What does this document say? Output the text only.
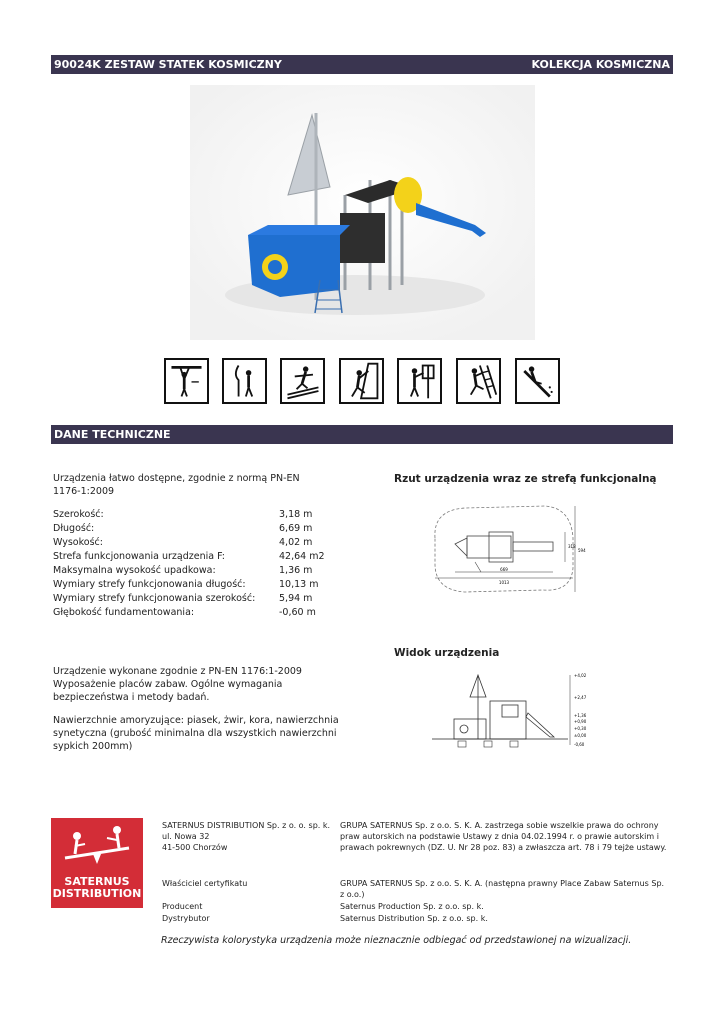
90024K ZESTAW STATEK KOSMICZNY	KOLEKCJA KOSMICZNA
DANE TECHNICZNE
Urządzenia łatwo dostępne, zgodnie z normą PN-EN 1176-1:2009
Szerokość:	3,18 m
Długość:	6,69 m
Wysokość:	4,02 m
Strefa funkcjonowania urządzenia F:	42,64 m2
Maksymalna wysokość upadkowa:	1,36 m
Wymiary strefy funkcjonowania długość:	10,13 m
Wymiary strefy funkcjonowania szerokość: 5,94 m
Głębokość fundamentowania:	-0,60 m
Rzut urządzenia wraz ze strefą funkcjonalną
669
1013
318
594
Widok urządzenia
+4,02
+2,47
+1,36
+0,90
+0,30
±0,00
-0,60
Urządzenie wykonane zgodnie z PN-EN 1176:1-2009 Wyposażenie placów zabaw. Ogólne wymagania bezpieczeństwa i metody badań.
Nawierzchnie amoryzujące: piasek, żwir, kora, nawierzchnia synetyczna (grubość minimalna dla wszystkich nawierzchni sypkich 200mm)
SATERNUS
DISTRIBUTION
SATERNUS DISTRIBUTION Sp. z o. o. sp. k.
ul. Nowa 32
41-500 Chorzów
GRUPA SATERNUS Sp. z o.o. S. K. A. zastrzega sobie wszelkie prawa do ochrony praw autorskich na podstawie Ustawy z dnia 04.02.1994 r. o prawie autorskim i prawach pokrewnych (DZ. U. Nr 28 poz. 83) a zwłaszcza art. 78 i 79 tejże ustawy.
Właściciel certyfikatu	GRUPA SATERNUS Sp. z o.o. S. K. A. (następna prawny Place Zabaw Saternus Sp. z o.o.)
Producent	Saternus Production Sp. z o.o. sp. k.
Dystrybutor	Saternus Distribution Sp. z o.o. sp. k.
Rzeczywista kolorystyka urządzenia może nieznacznie odbiegać od przedstawionej na wizualizacji.
